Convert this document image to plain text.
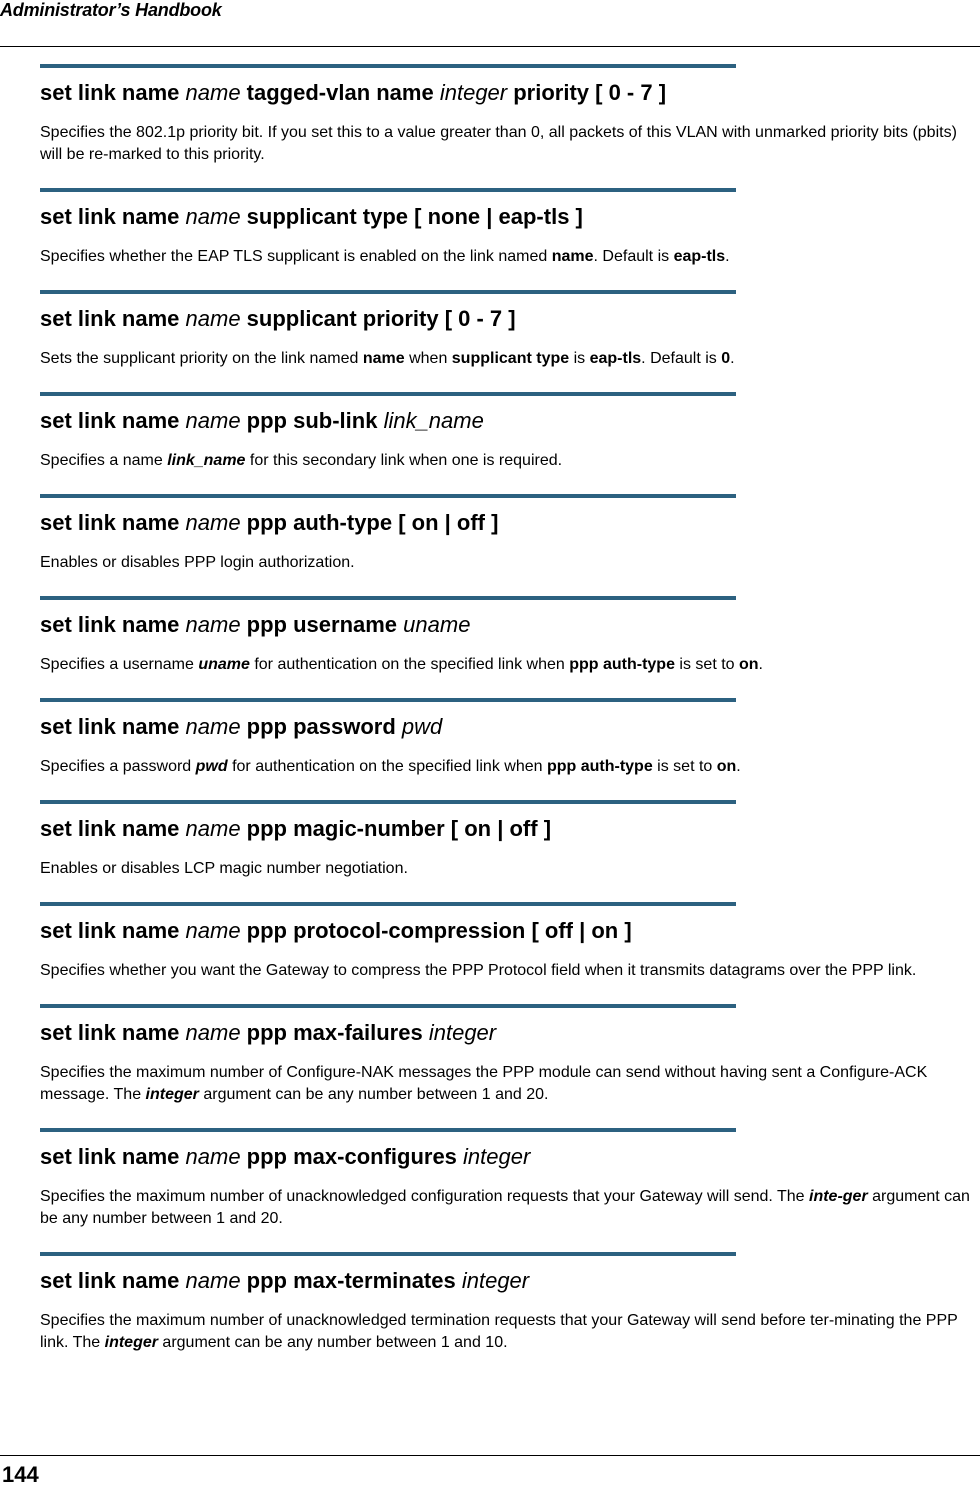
Administrator’s Handbook
set link name name tagged-vlan name integer priority [ 0 - 7 ]
Specifies the 802.1p priority bit. If you set this to a value greater than 0, all packets of this VLAN with unmarked priority bits (pbits) will be re-marked to this priority.
set link name name supplicant type [ none | eap-tls ]
Specifies whether the EAP TLS supplicant is enabled on the link named name. Default is eap-tls.
set link name name supplicant priority [ 0 - 7 ]
Sets the supplicant priority on the link named name when supplicant type is eap-tls. Default is 0.
set link name name ppp sub-link link_name
Specifies a name link_name for this secondary link when one is required.
set link name name ppp auth-type [ on | off ]
Enables or disables PPP login authorization.
set link name name ppp username uname
Specifies a username uname for authentication on the specified link when ppp auth-type is set to on.
set link name name ppp password pwd
Specifies a password pwd for authentication on the specified link when ppp auth-type is set to on.
set link name name ppp magic-number [ on | off ]
Enables or disables LCP magic number negotiation.
set link name name ppp protocol-compression [ off | on ]
Specifies whether you want the Gateway to compress the PPP Protocol field when it transmits datagrams over the PPP link.
set link name name ppp max-failures integer
Specifies the maximum number of Configure-NAK messages the PPP module can send without having sent a Configure-ACK message. The integer argument can be any number between 1 and 20.
set link name name ppp max-configures integer
Specifies the maximum number of unacknowledged configuration requests that your Gateway will send. The inte-ger argument can be any number between 1 and 20.
set link name name ppp max-terminates integer
Specifies the maximum number of unacknowledged termination requests that your Gateway will send before ter-minating the PPP link. The integer argument can be any number between 1 and 10.
144
